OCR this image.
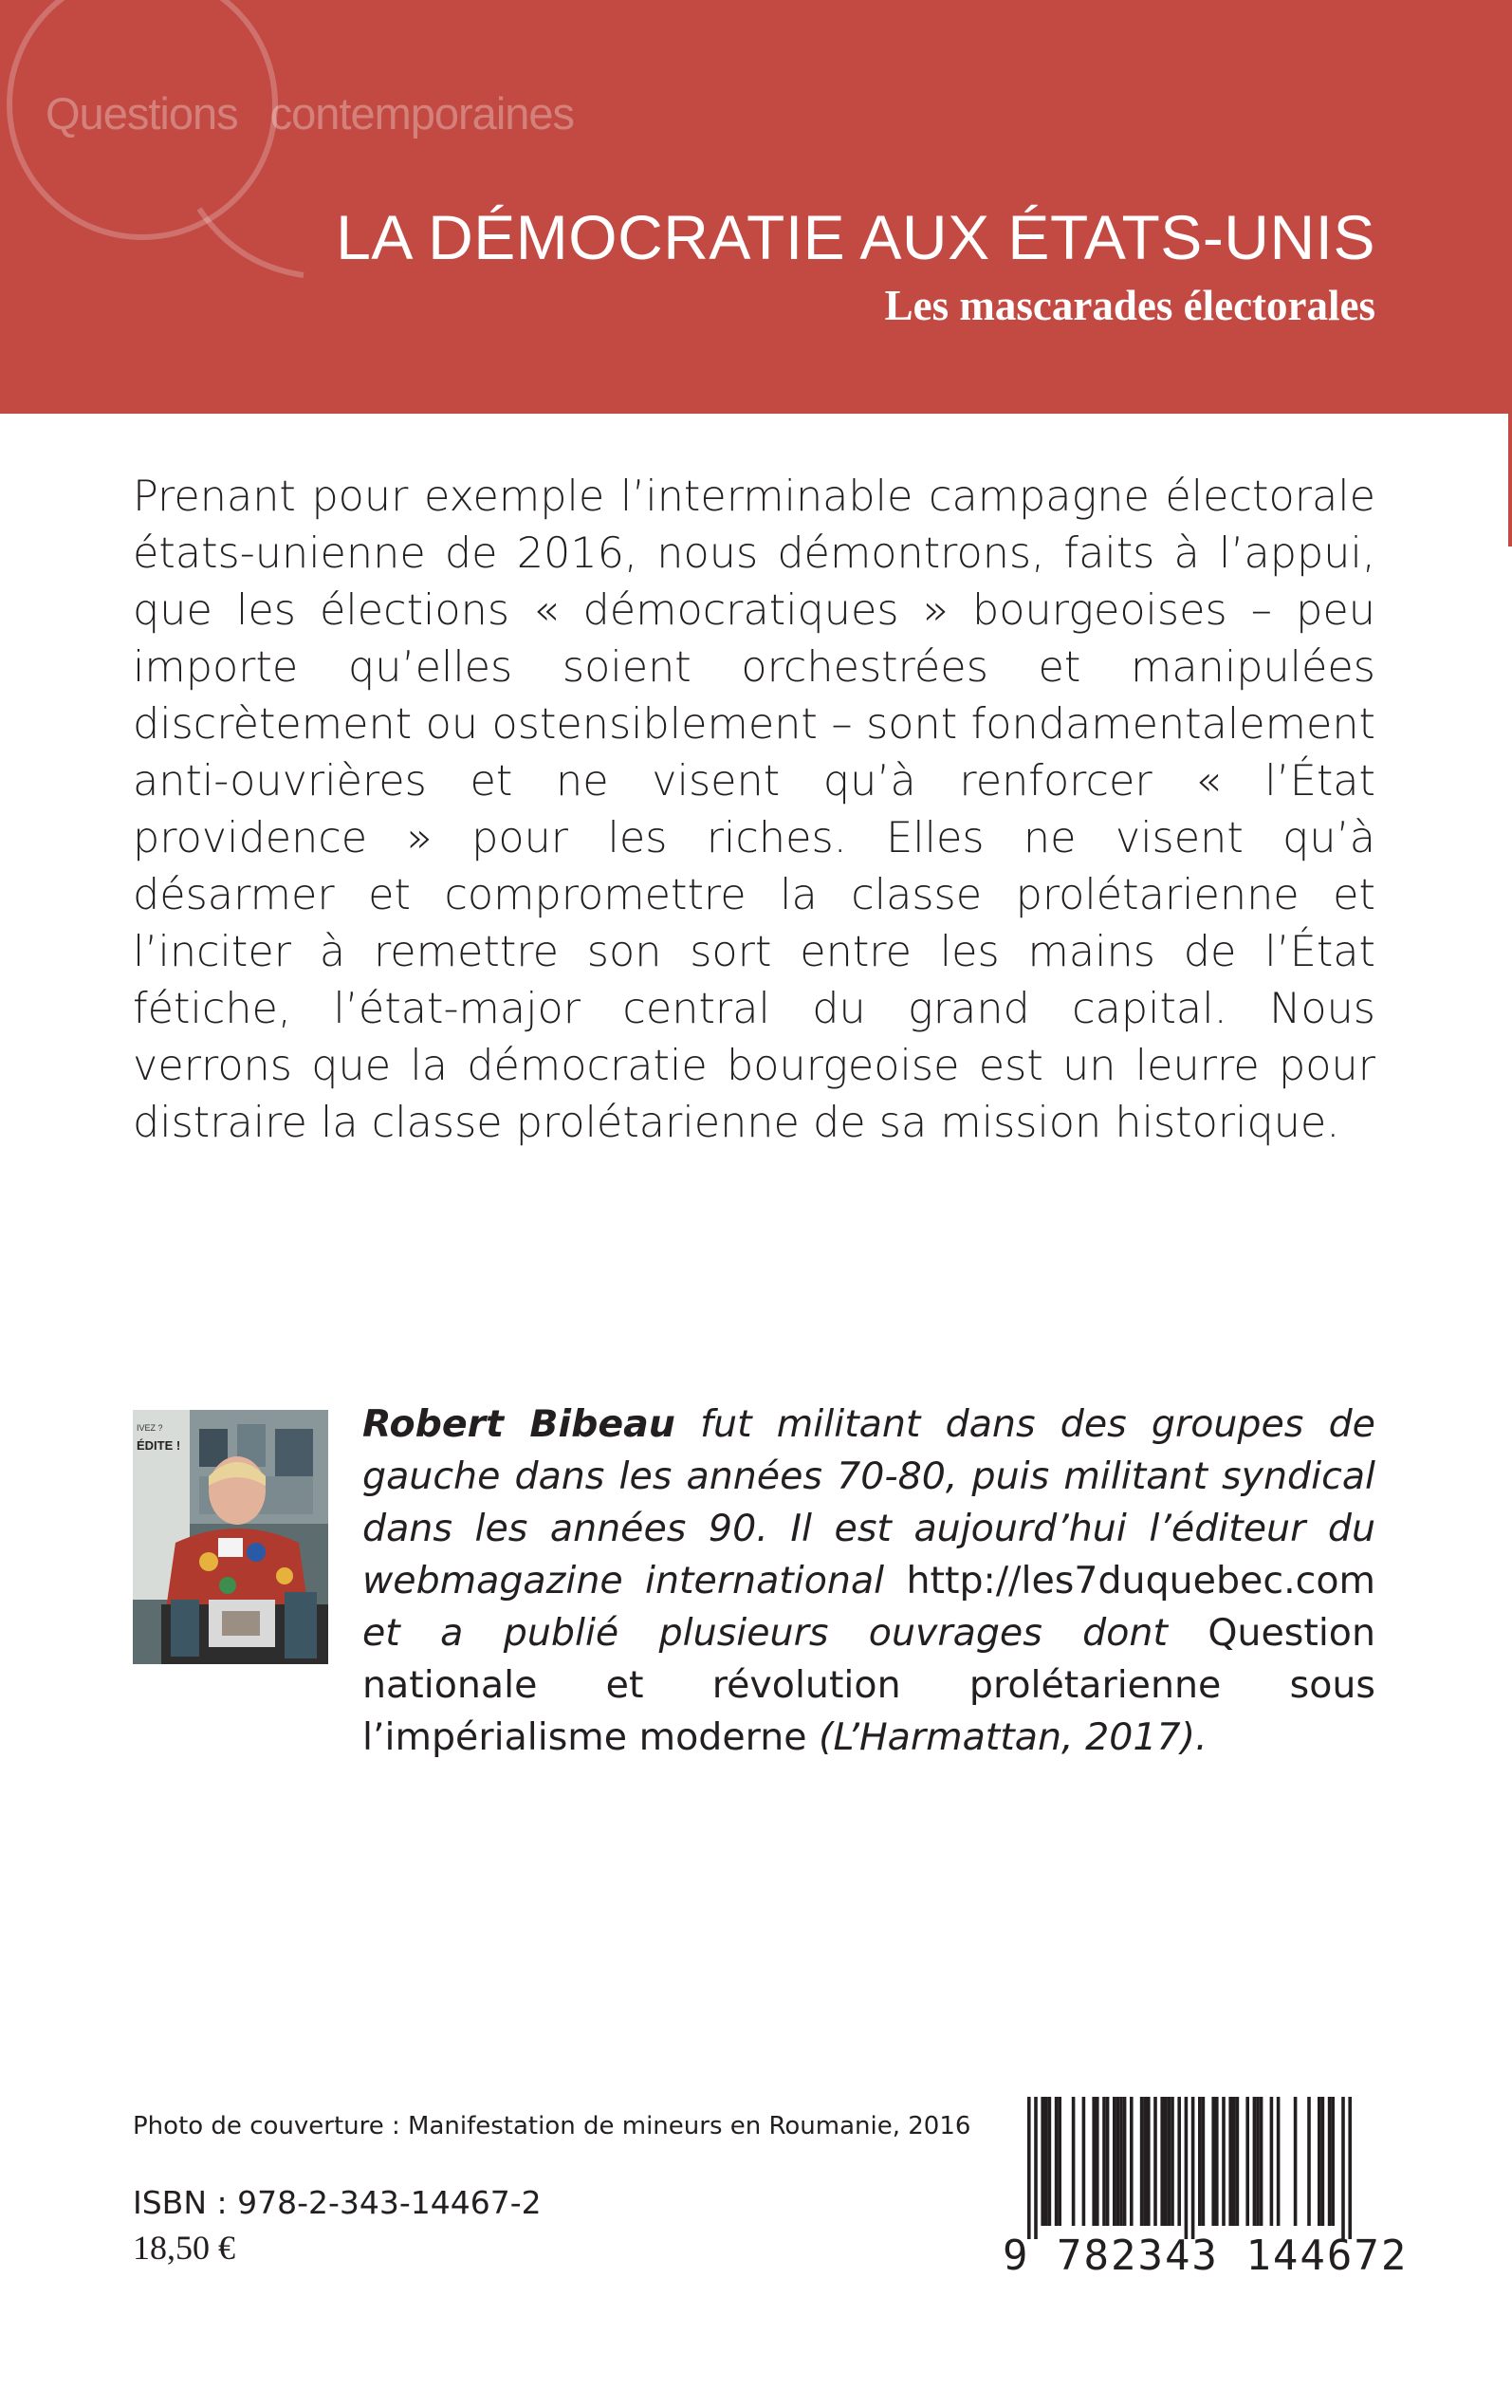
Questions contemporaines
LA DÉMOCRATIE AUX ÉTATS-UNIS
Les mascarades électorales

Prenant pour exemple l’interminable campagne électorale états-unienne de 2016, nous démontrons, faits à l’appui, que les élections « démocratiques » bourgeoises – peu importe qu’elles soient orchestrées et manipulées discrètement ou ostensiblement – sont fondamentalement anti-ouvrières et ne visent qu’à renforcer « l’État providence » pour les riches. Elles ne visent qu’à désarmer et compromettre la classe prolétarienne et l’inciter à remettre son sort entre les mains de l’État fétiche, l’état-major central du grand capital. Nous verrons que la démocratie bourgeoise est un leurre pour distraire la classe prolétarienne de sa mission historique.

IVEZ ?
ÉDITE !	Robert Bibeau fut militant dans des groupes de gauche dans les années 70-80, puis militant syndical dans les années 90. Il est aujourd’hui l’éditeur du webmagazine international http://les7duquebec.com et a publié plusieurs ouvrages dont Question nationale et révolution prolétarienne sous l’impérialisme moderne (L’Harmattan, 2017).

Photo de couverture : Manifestation de mineurs en Roumanie, 2016
ISBN : 978-2-343-14467-2
18,50 €	9 782343 144672
